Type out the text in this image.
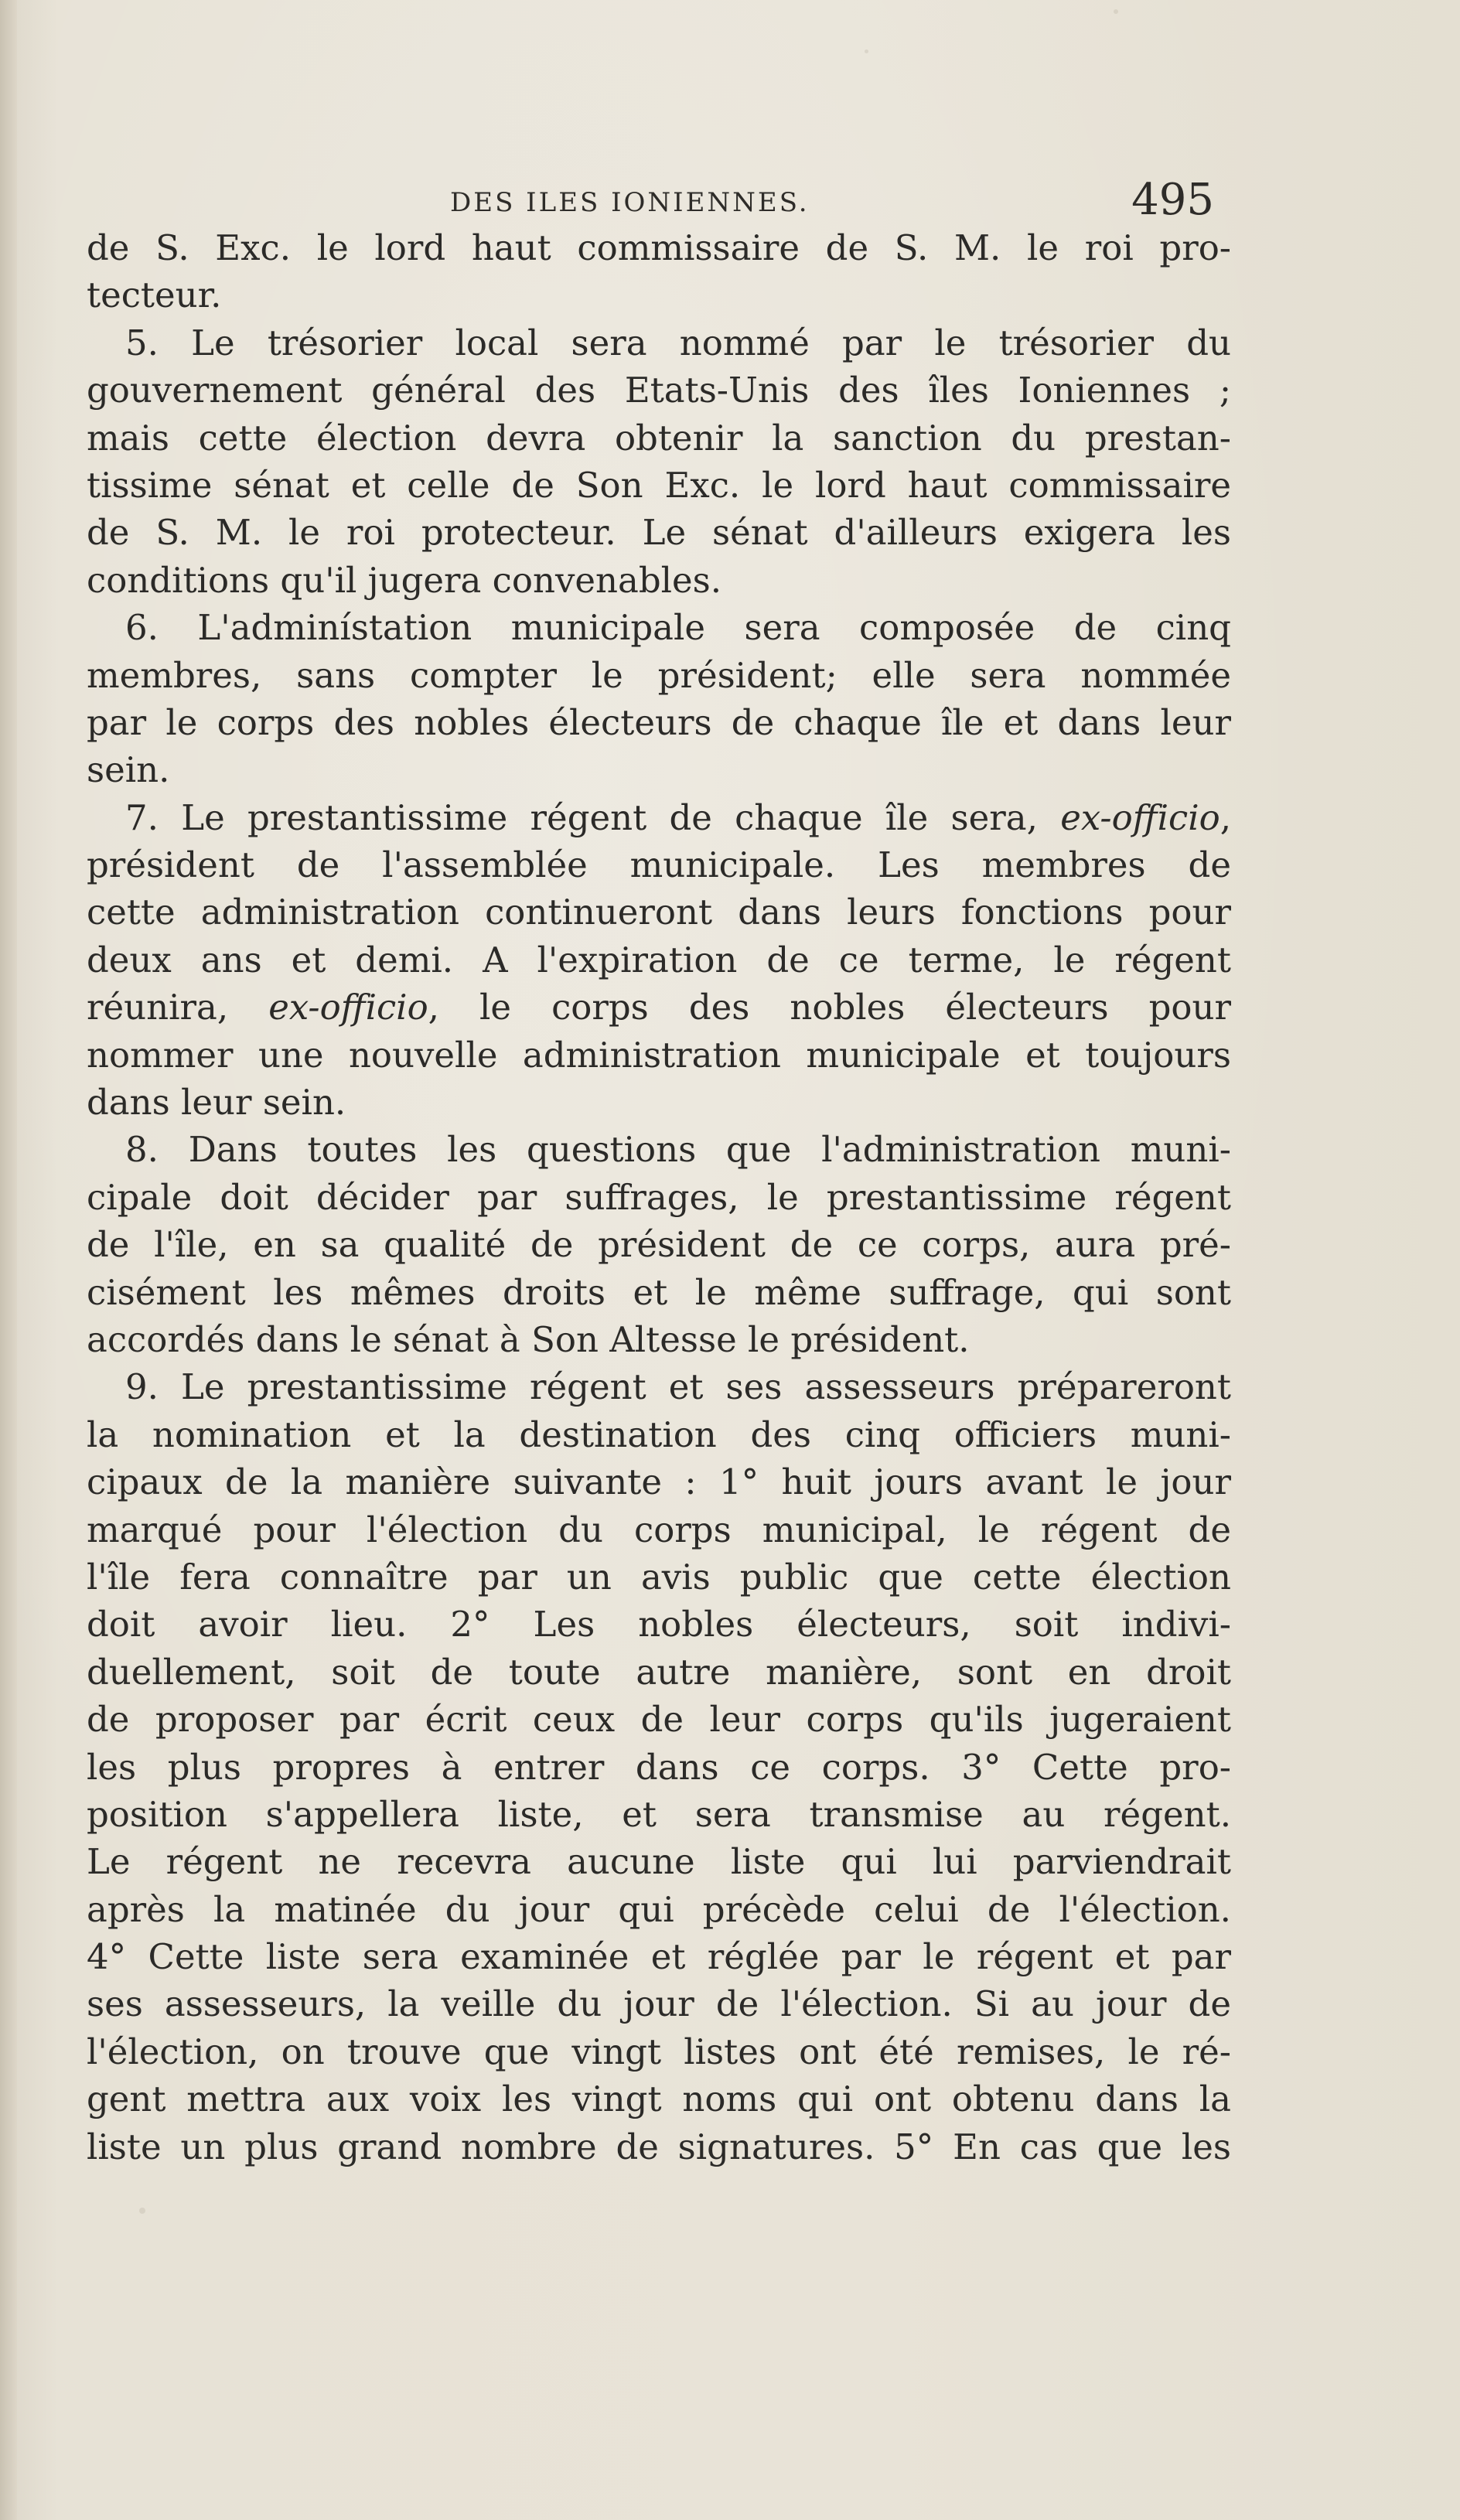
DES ILES IONIENNES.	495
de S. Exc. le lord haut commissaire de S. M. le roi pro-
tecteur.
5. Le trésorier local sera nommé par le trésorier du
gouvernement général des Etats-Unis des îles Ioniennes ;
mais cette élection devra obtenir la sanction du prestan-
tissime sénat et celle de Son Exc. le lord haut commissaire
de S. M. le roi protecteur. Le sénat d'ailleurs exigera les
conditions qu'il jugera convenables.
6. L'adminístation municipale sera composée de cinq
membres, sans compter le président; elle sera nommée
par le corps des nobles électeurs de chaque île et dans leur
sein.
7. Le prestantissime régent de chaque île sera, ex-officio,
président de l'assemblée municipale. Les membres de
cette administration continueront dans leurs fonctions pour
deux ans et demi. A l'expiration de ce terme, le régent
réunira, ex-officio, le corps des nobles électeurs pour
nommer une nouvelle administration municipale et toujours
dans leur sein.
8. Dans toutes les questions que l'administration muni-
cipale doit décider par suffrages, le prestantissime régent
de l'île, en sa qualité de président de ce corps, aura pré-
cisément les mêmes droits et le même suffrage, qui sont
accordés dans le sénat à Son Altesse le président.
9. Le prestantissime régent et ses assesseurs prépareront
la nomination et la destination des cinq officiers muni-
cipaux de la manière suivante : 1° huit jours avant le jour
marqué pour l'élection du corps municipal, le régent de
l'île fera connaître par un avis public que cette élection
doit avoir lieu. 2° Les nobles électeurs, soit indivi-
duellement, soit de toute autre manière, sont en droit
de proposer par écrit ceux de leur corps qu'ils jugeraient
les plus propres à entrer dans ce corps. 3° Cette pro-
position s'appellera liste, et sera transmise au régent.
Le régent ne recevra aucune liste qui lui parviendrait
après la matinée du jour qui précède celui de l'élection.
4° Cette liste sera examinée et réglée par le régent et par
ses assesseurs, la veille du jour de l'élection. Si au jour de
l'élection, on trouve que vingt listes ont été remises, le ré-
gent mettra aux voix les vingt noms qui ont obtenu dans la
liste un plus grand nombre de signatures. 5° En cas que les
